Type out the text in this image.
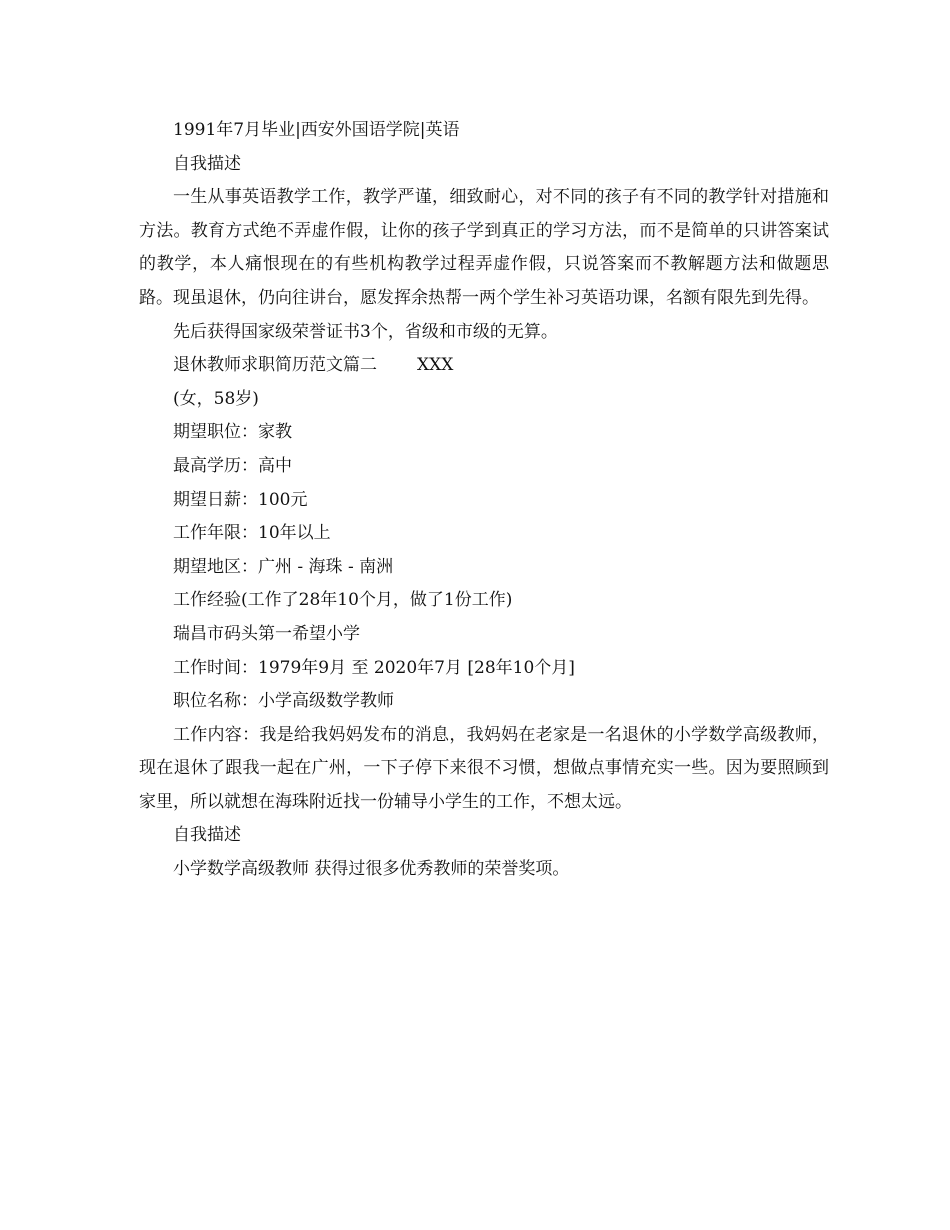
1991年7月毕业|西安外国语学院|英语

自我描述

一生从事英语教学工作，教学严谨，细致耐心，对不同的孩子有不同的教学针对措施和方法。教育方式绝不弄虚作假，让你的孩子学到真正的学习方法，而不是简单的只讲答案试的教学，本人痛恨现在的有些机构教学过程弄虚作假，只说答案而不教解题方法和做题思路。现虽退休，仍向往讲台，愿发挥余热帮一两个学生补习英语功课，名额有限先到先得。

先后获得国家级荣誉证书3个，省级和市级的无算。

退休教师求职简历范文篇二 XXX

(女，58岁)

期望职位：家教

最高学历：高中

期望日薪：100元

工作年限：10年以上

期望地区：广州 - 海珠 - 南洲

工作经验(工作了28年10个月，做了1份工作)

瑞昌市码头第一希望小学

工作时间：1979年9月 至 2020年7月 [28年10个月]

职位名称：小学高级数学教师

工作内容：我是给我妈妈发布的消息，我妈妈在老家是一名退休的小学数学高级教师，现在退休了跟我一起在广州，一下子停下来很不习惯，想做点事情充实一些。因为要照顾到家里，所以就想在海珠附近找一份辅导小学生的工作，不想太远。

自我描述

小学数学高级教师 获得过很多优秀教师的荣誉奖项。
